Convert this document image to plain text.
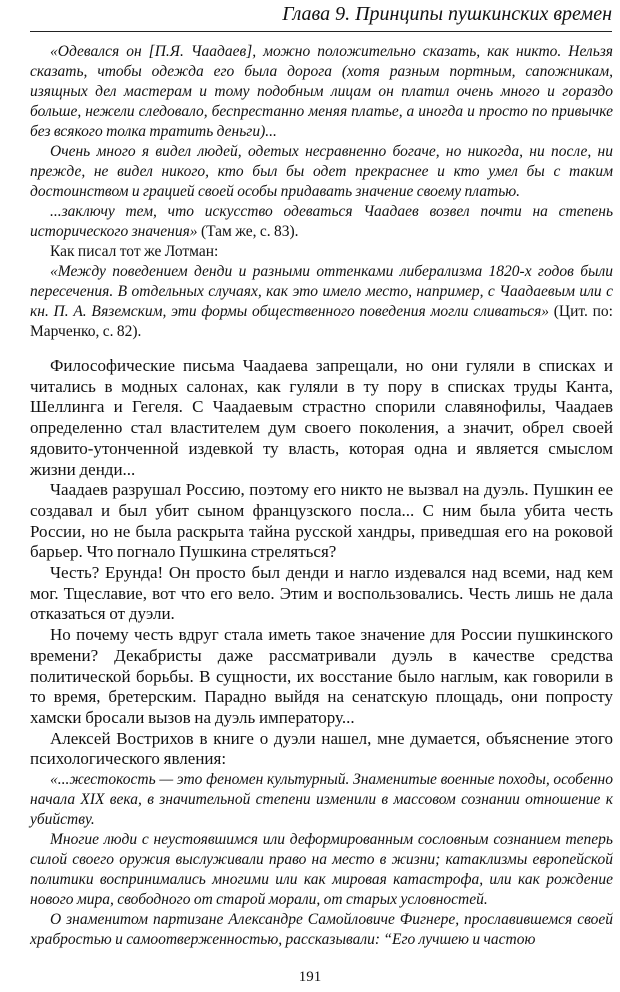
Глава 9. Принципы пушкинских времен

«Одевался он [П.Я. Чаадаев], можно положительно сказать, как никто. Нельзя сказать, чтобы одежда его была дорога (хотя разным портным, сапожникам, изящных дел мастерам и тому подобным лицам он платил очень много и гораздо больше, нежели следовало, беспрестанно меняя платье, а иногда и просто по привычке без всякого толка тратить деньги)...

Очень много я видел людей, одетых несравненно богаче, но никогда, ни после, ни прежде, не видел никого, кто был бы одет прекраснее и кто умел бы с таким достоинством и грацией своей особы придавать значение своему платью.

...заключу тем, что искусство одеваться Чаадаев возвел почти на степень исторического значения» (Там же, с. 83).

Как писал тот же Лотман:

«Между поведением денди и разными оттенками либерализма 1820-х годов были пересечения. В отдельных случаях, как это имело место, например, с Чаадаевым или с кн. П. А. Вяземским, эти формы общественного поведения могли сливаться» (Цит. по: Марченко, с. 82).

Философические письма Чаадаева запрещали, но они гуляли в списках и читались в модных салонах, как гуляли в ту пору в списках труды Канта, Шеллинга и Гегеля. С Чаадаевым страстно спорили славянофилы, Чаадаев определенно стал властителем дум своего поколения, а значит, обрел своей ядовито-утонченной издевкой ту власть, которая одна и является смыслом жизни денди...

Чаадаев разрушал Россию, поэтому его никто не вызвал на дуэль. Пушкин ее создавал и был убит сыном французского посла... С ним была убита честь России, но не была раскрыта тайна русской хандры, приведшая его на роковой барьер. Что погнало Пушкина стреляться?

Честь? Ерунда! Он просто был денди и нагло издевался над всеми, над кем мог. Тщеславие, вот что его вело. Этим и воспользовались. Честь лишь не дала отказаться от дуэли.

Но почему честь вдруг стала иметь такое значение для России пушкинского времени? Декабристы даже рассматривали дуэль в качестве средства политической борьбы. В сущности, их восстание было наглым, как говорили в то время, бретерским. Парадно выйдя на сенатскую площадь, они попросту хамски бросали вызов на дуэль императору...

Алексей Вострихов в книге о дуэли нашел, мне думается, объяснение этого психологического явления:

«...жестокость — это феномен культурный. Знаменитые военные походы, особенно начала XIX века, в значительной степени изменили в массовом сознании отношение к убийству.

Многие люди с неустоявшимся или деформированным сословным сознанием теперь силой своего оружия выслуживали право на место в жизни; катаклизмы европейской политики воспринимались многими или как мировая катастрофа, или как рождение нового мира, свободного от старой морали, от старых условностей.

О знаменитом партизане Александре Самойловиче Фигнере, прославившемся своей храбростью и самоотверженностью, рассказывали: “Его лучшею и частою

191
